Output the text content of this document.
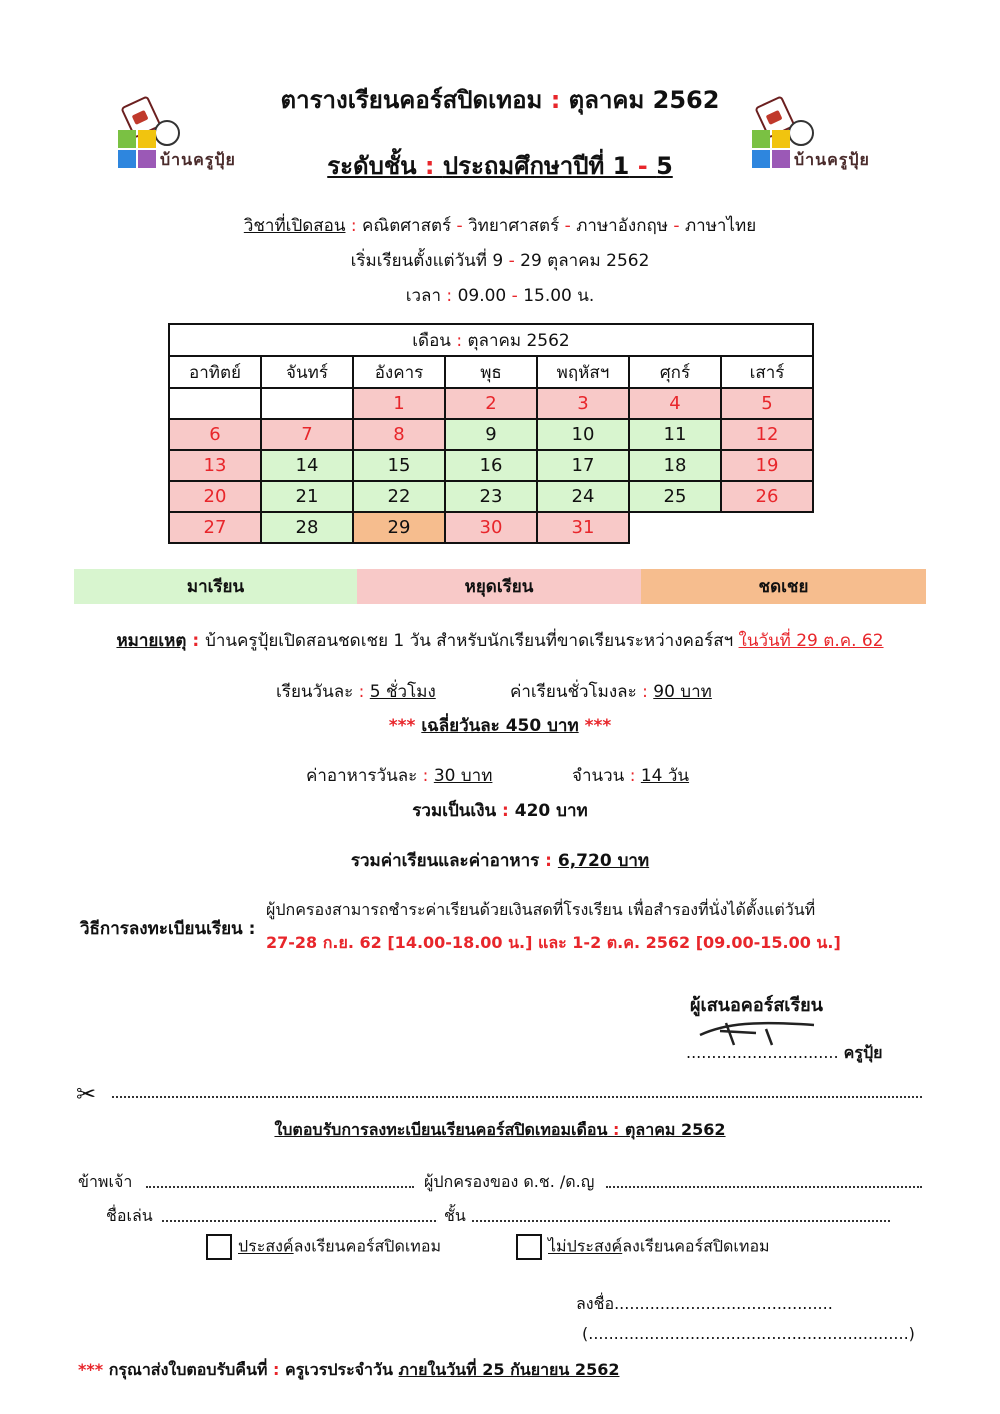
บ้านครูปุ้ย	บ้านครูปุ้ย
ตารางเรียนคอร์สปิดเทอม : ตุลาคม 2562
ระดับชั้น : ประถมศึกษาปีที่ 1 - 5
วิชาที่เปิดสอน : คณิตศาสตร์ - วิทยาศาสตร์ - ภาษาอังกฤษ - ภาษาไทย
เริ่มเรียนตั้งแต่วันที่ 9 - 29 ตุลาคม 2562
เวลา : 09.00 - 15.00 น.
เดือน : ตุลาคม 2562						
อาทิตย์	จันทร์	อังคาร	พุธ	พฤหัสฯ	ศุกร์	เสาร์
		1	2	3	4	5
6	7	8	9	10	11	12
13	14	15	16	17	18	19
20	21	22	23	24	25	26
27	28	29	30	31		
มาเรียน	หยุดเรียน	ชดเชย
หมายเหตุ : บ้านครูปุ้ยเปิดสอนชดเชย 1 วัน สำหรับนักเรียนที่ขาดเรียนระหว่างคอร์สฯ ในวันที่ 29 ต.ค. 62
เรียนวันละ : 5 ชั่วโมง	ค่าเรียนชั่วโมงละ : 90 บาท
*** เฉลี่ยวันละ 450 บาท ***
ค่าอาหารวันละ : 30 บาท	จำนวน : 14 วัน
รวมเป็นเงิน : 420 บาท
รวมค่าเรียนและค่าอาหาร : 6,720 บาท
วิธีการลงทะเบียนเรียน :
ผู้ปกครองสามารถชำระค่าเรียนด้วยเงินสดที่โรงเรียน เพื่อสำรองที่นั่งได้ตั้งแต่วันที่
27-28 ก.ย. 62 [14.00-18.00 น.] และ 1-2 ต.ค. 2562 [09.00-15.00 น.]
ผู้เสนอคอร์สเรียน
.............................. ครูปุ้ย
✂
ใบตอบรับการลงทะเบียนเรียนคอร์สปิดเทอมเดือน : ตุลาคม 2562
ข้าพเจ้า	ผู้ปกครองของ ด.ช. /ด.ญ
ชื่อเล่น	ชั้น
ประสงค์ลงเรียนคอร์สปิดเทอม	ไม่ประสงค์ลงเรียนคอร์สปิดเทอม
ลงชื่อ...........................................
(...............................................................)
*** กรุณาส่งใบตอบรับคืนที่ : ครูเวรประจำวัน ภายในวันที่ 25 กันยายน 2562
